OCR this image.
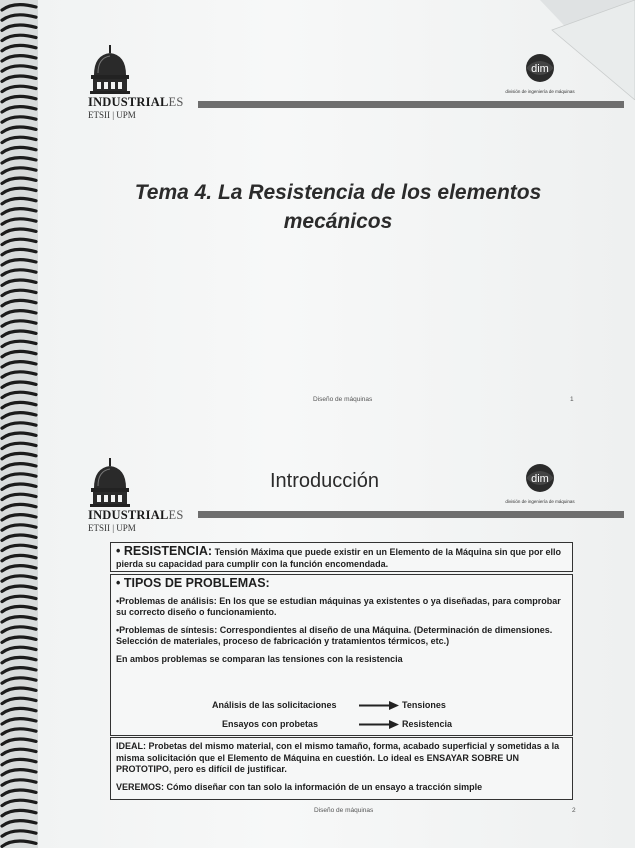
INDUSTRIALES
ETSII | UPM
dim
división de ingeniería de máquinas
Tema 4. La Resistencia de los elementos mecánicos
Diseño de máquinas	1
INDUSTRIALES
ETSII | UPM
Introducción	dim
división de ingeniería de máquinas

• RESISTENCIA: Tensión Máxima que puede existir en un Elemento de la Máquina sin que por ello pierda su capacidad para cumplir con la función encomendada.

• TIPOS DE PROBLEMAS:

•Problemas de análisis: En los que se estudian máquinas ya existentes o ya diseñadas, para comprobar su correcto diseño o funcionamiento.

•Problemas de síntesis: Correspondientes al diseño de una Máquina. (Determinación de dimensiones. Selección de materiales, proceso de fabricación y tratamientos térmicos, etc.)

En ambos problemas se comparan las tensiones con la resistencia

Análisis de las solicitaciones	Tensiones
Ensayos con probetas	Resistencia

IDEAL: Probetas del mismo material, con el mismo tamaño, forma, acabado superficial y sometidas a la misma solicitación que el Elemento de Máquina en cuestión. Lo ideal es ENSAYAR SOBRE UN PROTOTIPO, pero es difícil de justificar.

VEREMOS: Cómo diseñar con tan solo la información de un ensayo a tracción simple

Diseño de máquinas	2
